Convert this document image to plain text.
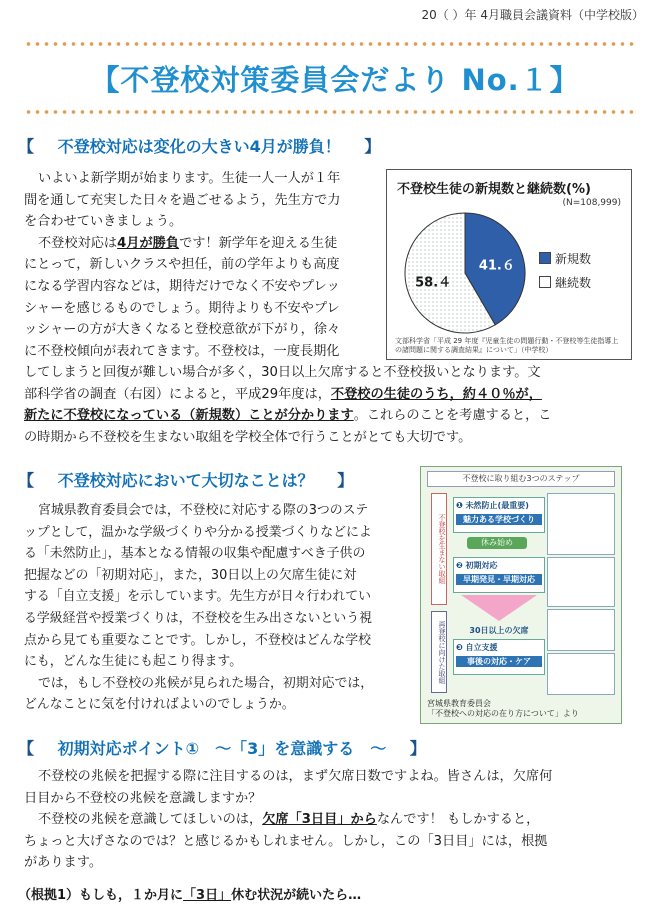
20（ ）年 4月職員会議資料（中学校版）
【不登校対策委員会だより No.１】
【 不登校対応は変化の大きい4月が勝負！ 】
いよいよ新学期が始まります。生徒一人一人が１年
間を通して充実した日々を過ごせるよう，先生方で力
を合わせていきましょう。
不登校対応は4月が勝負です！新学年を迎える生徒
にとって，新しいクラスや担任，前の学年よりも高度
になる学習内容などは，期待だけでなく不安やプレッ
シャーを感じるものでしょう。期待よりも不安やプレ
ッシャーの方が大きくなると登校意欲が下がり，徐々
に不登校傾向が表れてきます。不登校は，一度長期化
してしまうと回復が難しい場合が多く，30日以上欠席すると不登校扱いとなります。文
部科学省の調査（右図）によると，平成29年度は，不登校の生徒のうち，約４０％が，
新たに不登校になっている（新規数）ことが分かります。これらのことを考慮すると，こ
の時期から不登校を生まない取組を学校全体で行うことがとても大切です。
不登校生徒の新規数と継続数(%)
(N=108,999)
41.６
58.４
新規数
継続数
文部科学省「平成 29 年度『児童生徒の問題行動・不登校等生徒指導上の諸問題に関する調査結果』について」（中学校）
【 不登校対応において大切なことは？ 】
宮城県教育委員会では，不登校に対応する際の3つのステ
ップとして，温かな学級づくりや分かる授業づくりなどによ
る「未然防止」，基本となる情報の収集や配慮すべき子供の
把握などの「初期対応」，また，30日以上の欠席生徒に対
する「自立支援」を示しています。先生方が日々行われてい
る学級経営や授業づくりは，不登校を生み出さないという視
点から見ても重要なことです。しかし，不登校はどんな学校
にも，どんな生徒にも起こり得ます。
では，もし不登校の兆候が見られた場合，初期対応では，
どんなことに気を付ければよいのでしょうか。
不登校に取り組む3つのステップ
不登校を生まない取組
再登校に向けた取組
❶ 未然防止(最重要)
魅力ある学校づくり
休み始め
❷ 初期対応
早期発見・早期対応
30日以上の欠席
❸ 自立支援
事後の対応・ケア
宮城県教育委員会
「不登校への対応の在り方について」より
【 初期対応ポイント①　～「3」を意識する　～ 】
不登校の兆候を把握する際に注目するのは，まず欠席日数ですよね。皆さんは，欠席何
日目から不登校の兆候を意識しますか？
不登校の兆候を意識してほしいのは，欠席「3日目」からなんです！ もしかすると，
ちょっと大げさなのでは？と感じるかもしれません。しかし，この「3日目」には，根拠
があります。
（根拠1）もしも，１か月に「3日」休む状況が続いたら…
